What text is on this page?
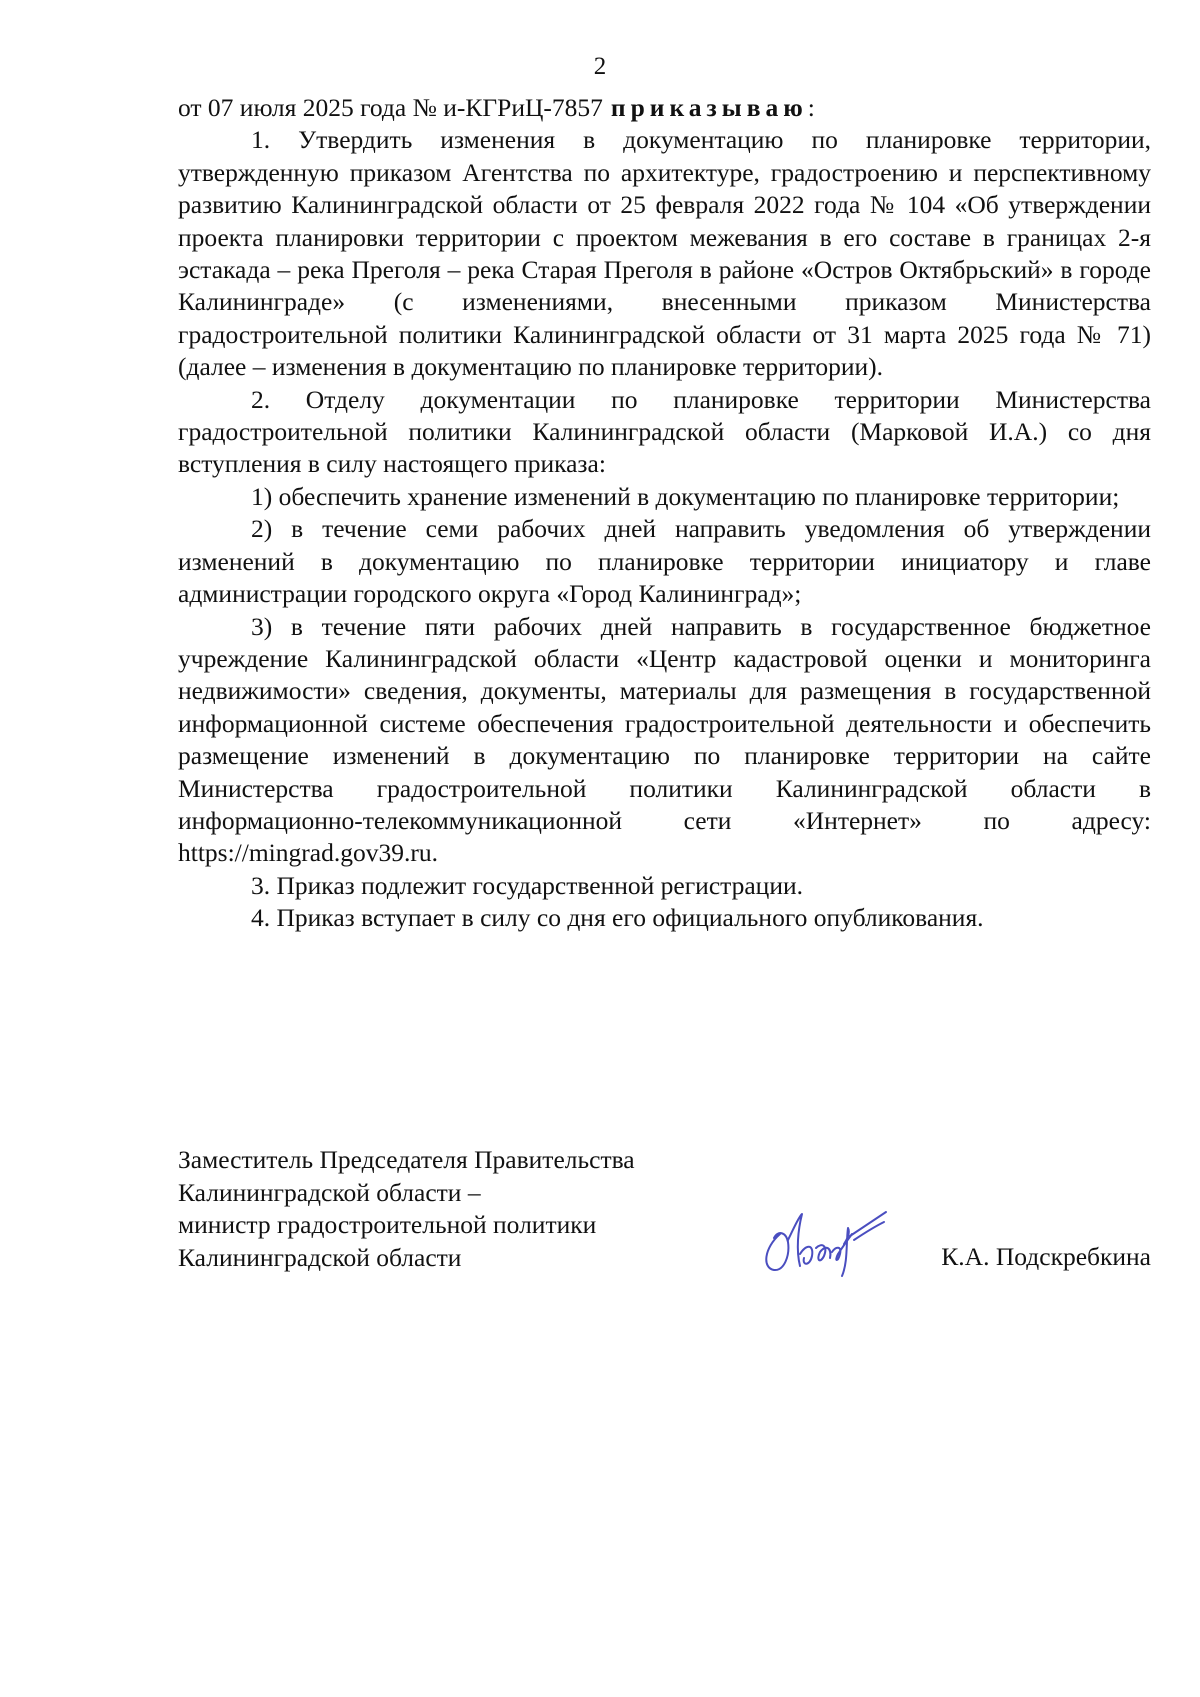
2

от 07 июля 2025 года № и-КГРиЦ-7857 приказываю:

1. Утвердить изменения в документацию по планировке территории, утвержденную приказом Агентства по архитектуре, градостроению и перспективному развитию Калининградской области от 25 февраля 2022 года № 104 «Об утверждении проекта планировки территории с проектом межевания в его составе в границах 2-я эстакада – река Преголя – река Старая Преголя в районе «Остров Октябрьский» в городе Калининграде» (с изменениями, внесенными приказом Министерства градостроительной политики Калининградской области от 31 марта 2025 года № 71) (далее – изменения в документацию по планировке территории).

2. Отделу документации по планировке территории Министерства градостроительной политики Калининградской области (Марковой И.А.) со дня вступления в силу настоящего приказа:

1) обеспечить хранение изменений в документацию по планировке территории;

2) в течение семи рабочих дней направить уведомления об утверждении изменений в документацию по планировке территории инициатору и главе администрации городского округа «Город Калининград»;

3) в течение пяти рабочих дней направить в государственное бюджетное учреждение Калининградской области «Центр кадастровой оценки и мониторинга недвижимости» сведения, документы, материалы для размещения в государственной информационной системе обеспечения градостроительной деятельности и обеспечить размещение изменений в документацию по планировке территории на сайте Министерства градостроительной политики Калининградской области в информационно-телекоммуникационной сети «Интернет» по адресу: https://mingrad.gov39.ru.

3. Приказ подлежит государственной регистрации.

4. Приказ вступает в силу со дня его официального опубликования.

Заместитель Председателя Правительства
Калининградской области –
министр градостроительной политики
Калининградской области	К.А. Подскребкина
